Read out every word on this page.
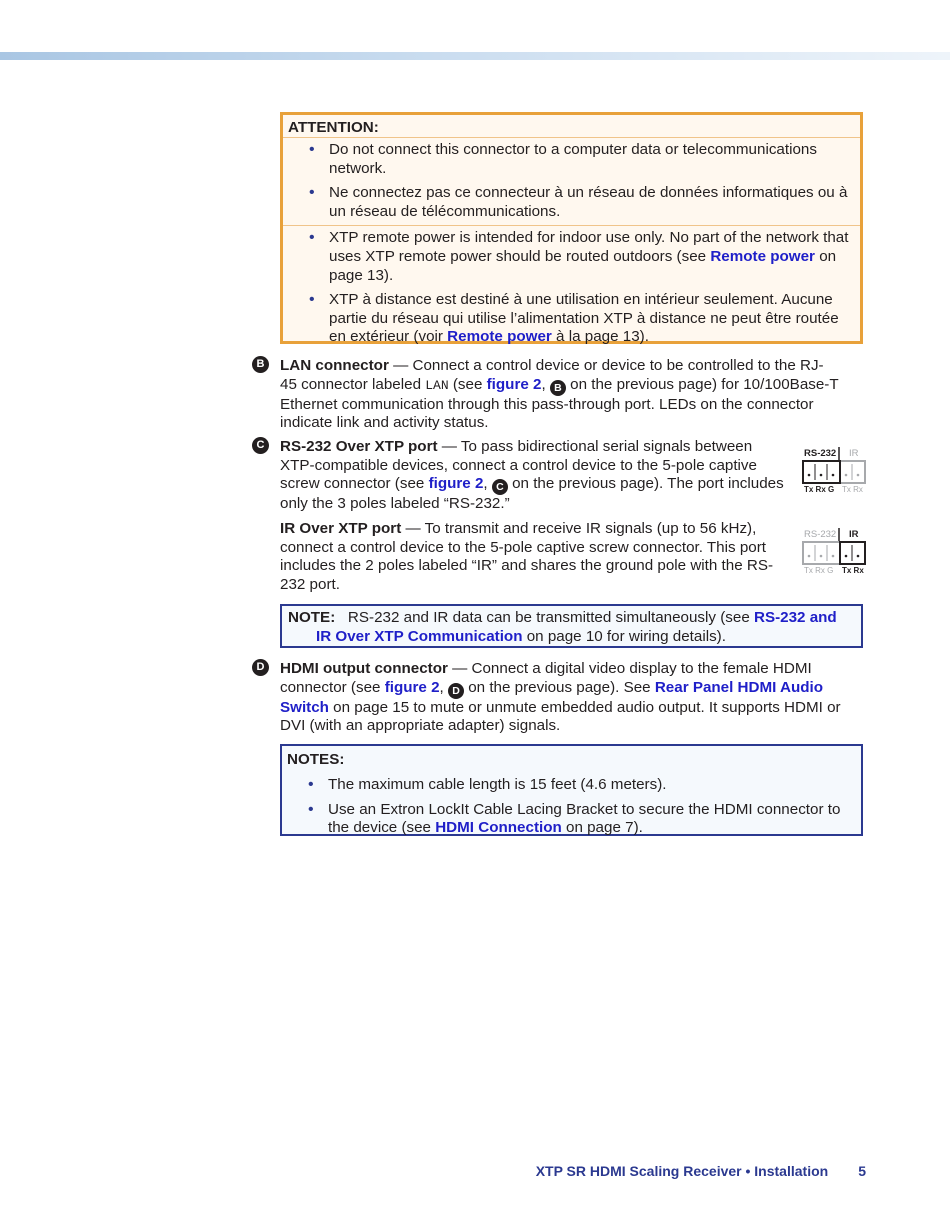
ATTENTION:
• Do not connect this connector to a computer data or telecommunications network.
• Ne connectez pas ce connecteur à un réseau de données informatiques ou à un réseau de télécommunications.
• XTP remote power is intended for indoor use only. No part of the network that uses XTP remote power should be routed outdoors (see Remote power on page 13).
• XTP à distance est destiné à une utilisation en intérieur seulement. Aucune partie du réseau qui utilise l’alimentation XTP à distance ne peut être routée en extérieur (voir Remote power à la page 13).
B LAN connector — Connect a control device or device to be controlled to the RJ-45 connector labeled LAN (see figure 2, B on the previous page) for 10/100Base-T Ethernet communication through this pass-through port. LEDs on the connector indicate link and activity status.
C RS-232 Over XTP port — To pass bidirectional serial signals between XTP-compatible devices, connect a control device to the 5-pole captive screw connector (see figure 2, C on the previous page). The port includes only the 3 poles labeled “RS-232.”
RS-232 IR
Tx Rx G Tx Rx
IR Over XTP port — To transmit and receive IR signals (up to 56 kHz), connect a control device to the 5-pole captive screw connector. This port includes the 2 poles labeled “IR” and shares the ground pole with the RS-232 port.
RS-232 IR
Tx Rx G Tx Rx
NOTE: RS-232 and IR data can be transmitted simultaneously (see RS-232 and IR Over XTP Communication on page 10 for wiring details).
D HDMI output connector — Connect a digital video display to the female HDMI connector (see figure 2, D on the previous page). See Rear Panel HDMI Audio Switch on page 15 to mute or unmute embedded audio output. It supports HDMI or DVI (with an appropriate adapter) signals.
NOTES:
• The maximum cable length is 15 feet (4.6 meters).
• Use an Extron LockIt Cable Lacing Bracket to secure the HDMI connector to the device (see HDMI Connection on page 7).
XTP SR HDMI Scaling Receiver • Installation 5
